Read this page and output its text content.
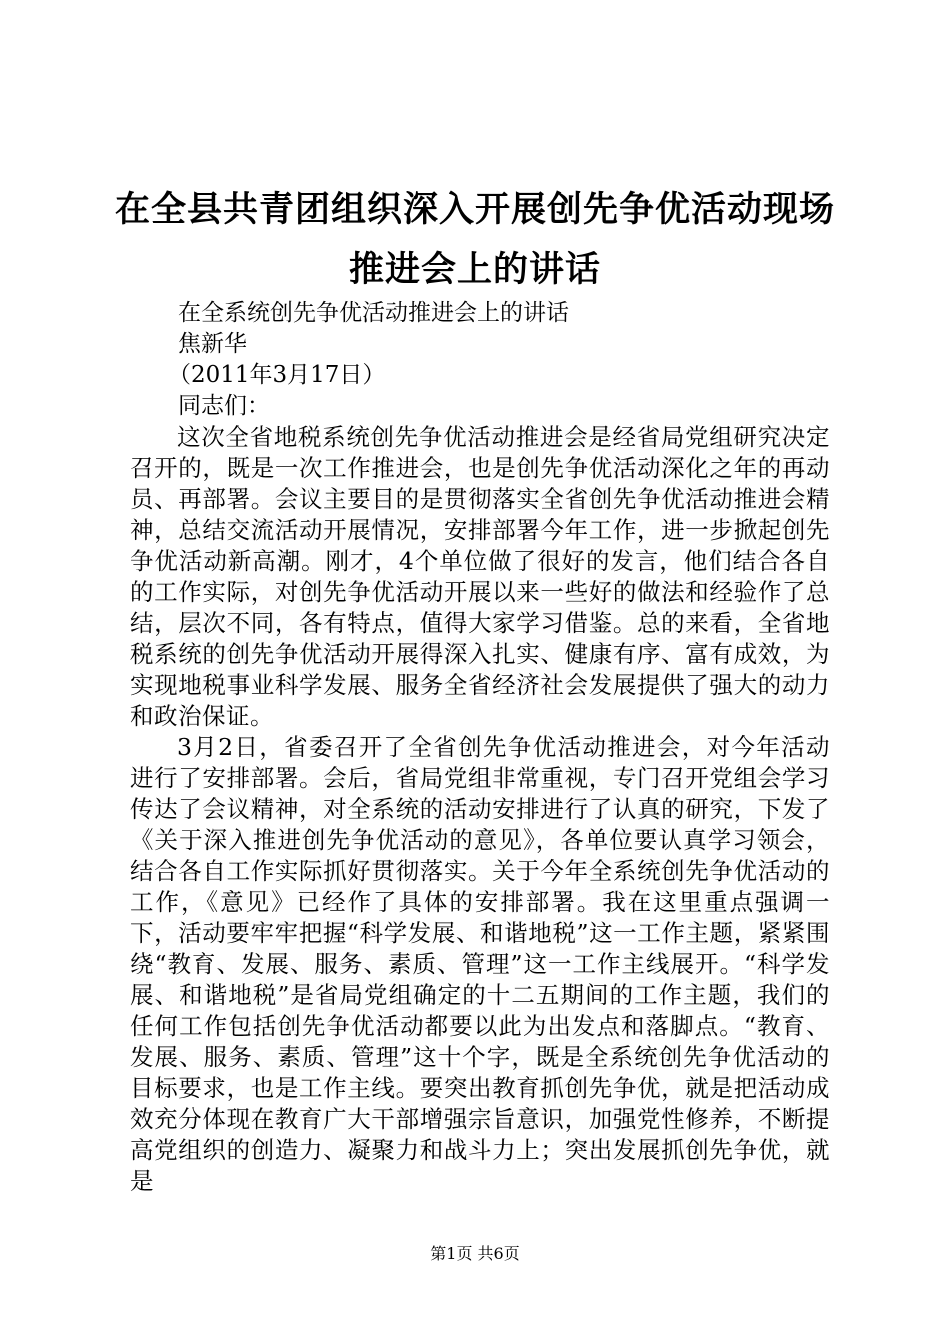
在全县共青团组织深入开展创先争优活动现场
推进会上的讲话
在全系统创先争优活动推进会上的讲话
焦新华
（2011年3月17日）
同志们：

这次全省地税系统创先争优活动推进会是经省局党组研究决定召开的，既是一次工作推进会，也是创先争优活动深化之年的再动员、再部署。会议主要目的是贯彻落实全省创先争优活动推进会精神，总结交流活动开展情况，安排部署今年工作，进一步掀起创先争优活动新高潮。刚才，4个单位做了很好的发言，他们结合各自的工作实际，对创先争优活动开展以来一些好的做法和经验作了总结，层次不同，各有特点，值得大家学习借鉴。总的来看，全省地税系统的创先争优活动开展得深入扎实、健康有序、富有成效，为实现地税事业科学发展、服务全省经济社会发展提供了强大的动力和政治保证。

3月2日，省委召开了全省创先争优活动推进会，对今年活动进行了安排部署。会后，省局党组非常重视，专门召开党组会学习传达了会议精神，对全系统的活动安排进行了认真的研究，下发了《关于深入推进创先争优活动的意见》，各单位要认真学习领会，结合各自工作实际抓好贯彻落实。关于今年全系统创先争优活动的工作，《意见》已经作了具体的安排部署。我在这里重点强调一下，活动要牢牢把握“科学发展、和谐地税”这一工作主题，紧紧围绕“教育、发展、服务、素质、管理”这一工作主线展开。“科学发展、和谐地税”是省局党组确定的十二五期间的工作主题，我们的任何工作包括创先争优活动都要以此为出发点和落脚点。“教育、发展、服务、素质、管理”这十个字，既是全系统创先争优活动的目标要求，也是工作主线。要突出教育抓创先争优，就是把活动成效充分体现在教育广大干部增强宗旨意识，加强党性修养，不断提高党组织的创造力、凝聚力和战斗力上；突出发展抓创先争优，就是

第1页 共6页
